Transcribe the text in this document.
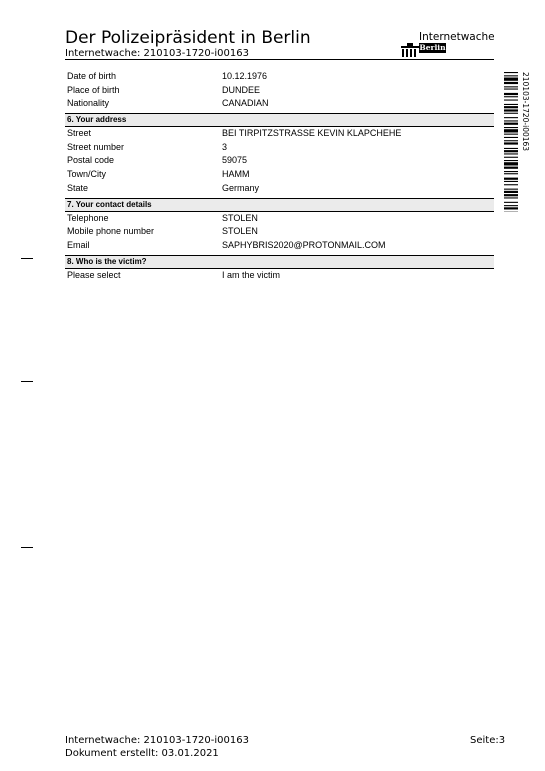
Der Polizeipräsident in Berlin
Internetwache: 210103-1720-i00163
Internetwache
Berlin
Date of birth	10.12.1976
Place of birth	DUNDEE
Nationality	CANADIAN
6. Your address
Street	BEI TIRPITZSTRASSE KEVIN KLAPCHEHE
Street number	3
Postal code	59075
Town/City	HAMM
State	Germany
7. Your contact details
Telephone	STOLEN
Mobile phone number	STOLEN
Email	SAPHYBRIS2020@PROTONMAIL.COM
8. Who is the victim?
Please select	I am the victim
210103-1720-i00163
Internetwache: 210103-1720-i00163
Dokument erstellt: 03.01.2021
Seite:3
